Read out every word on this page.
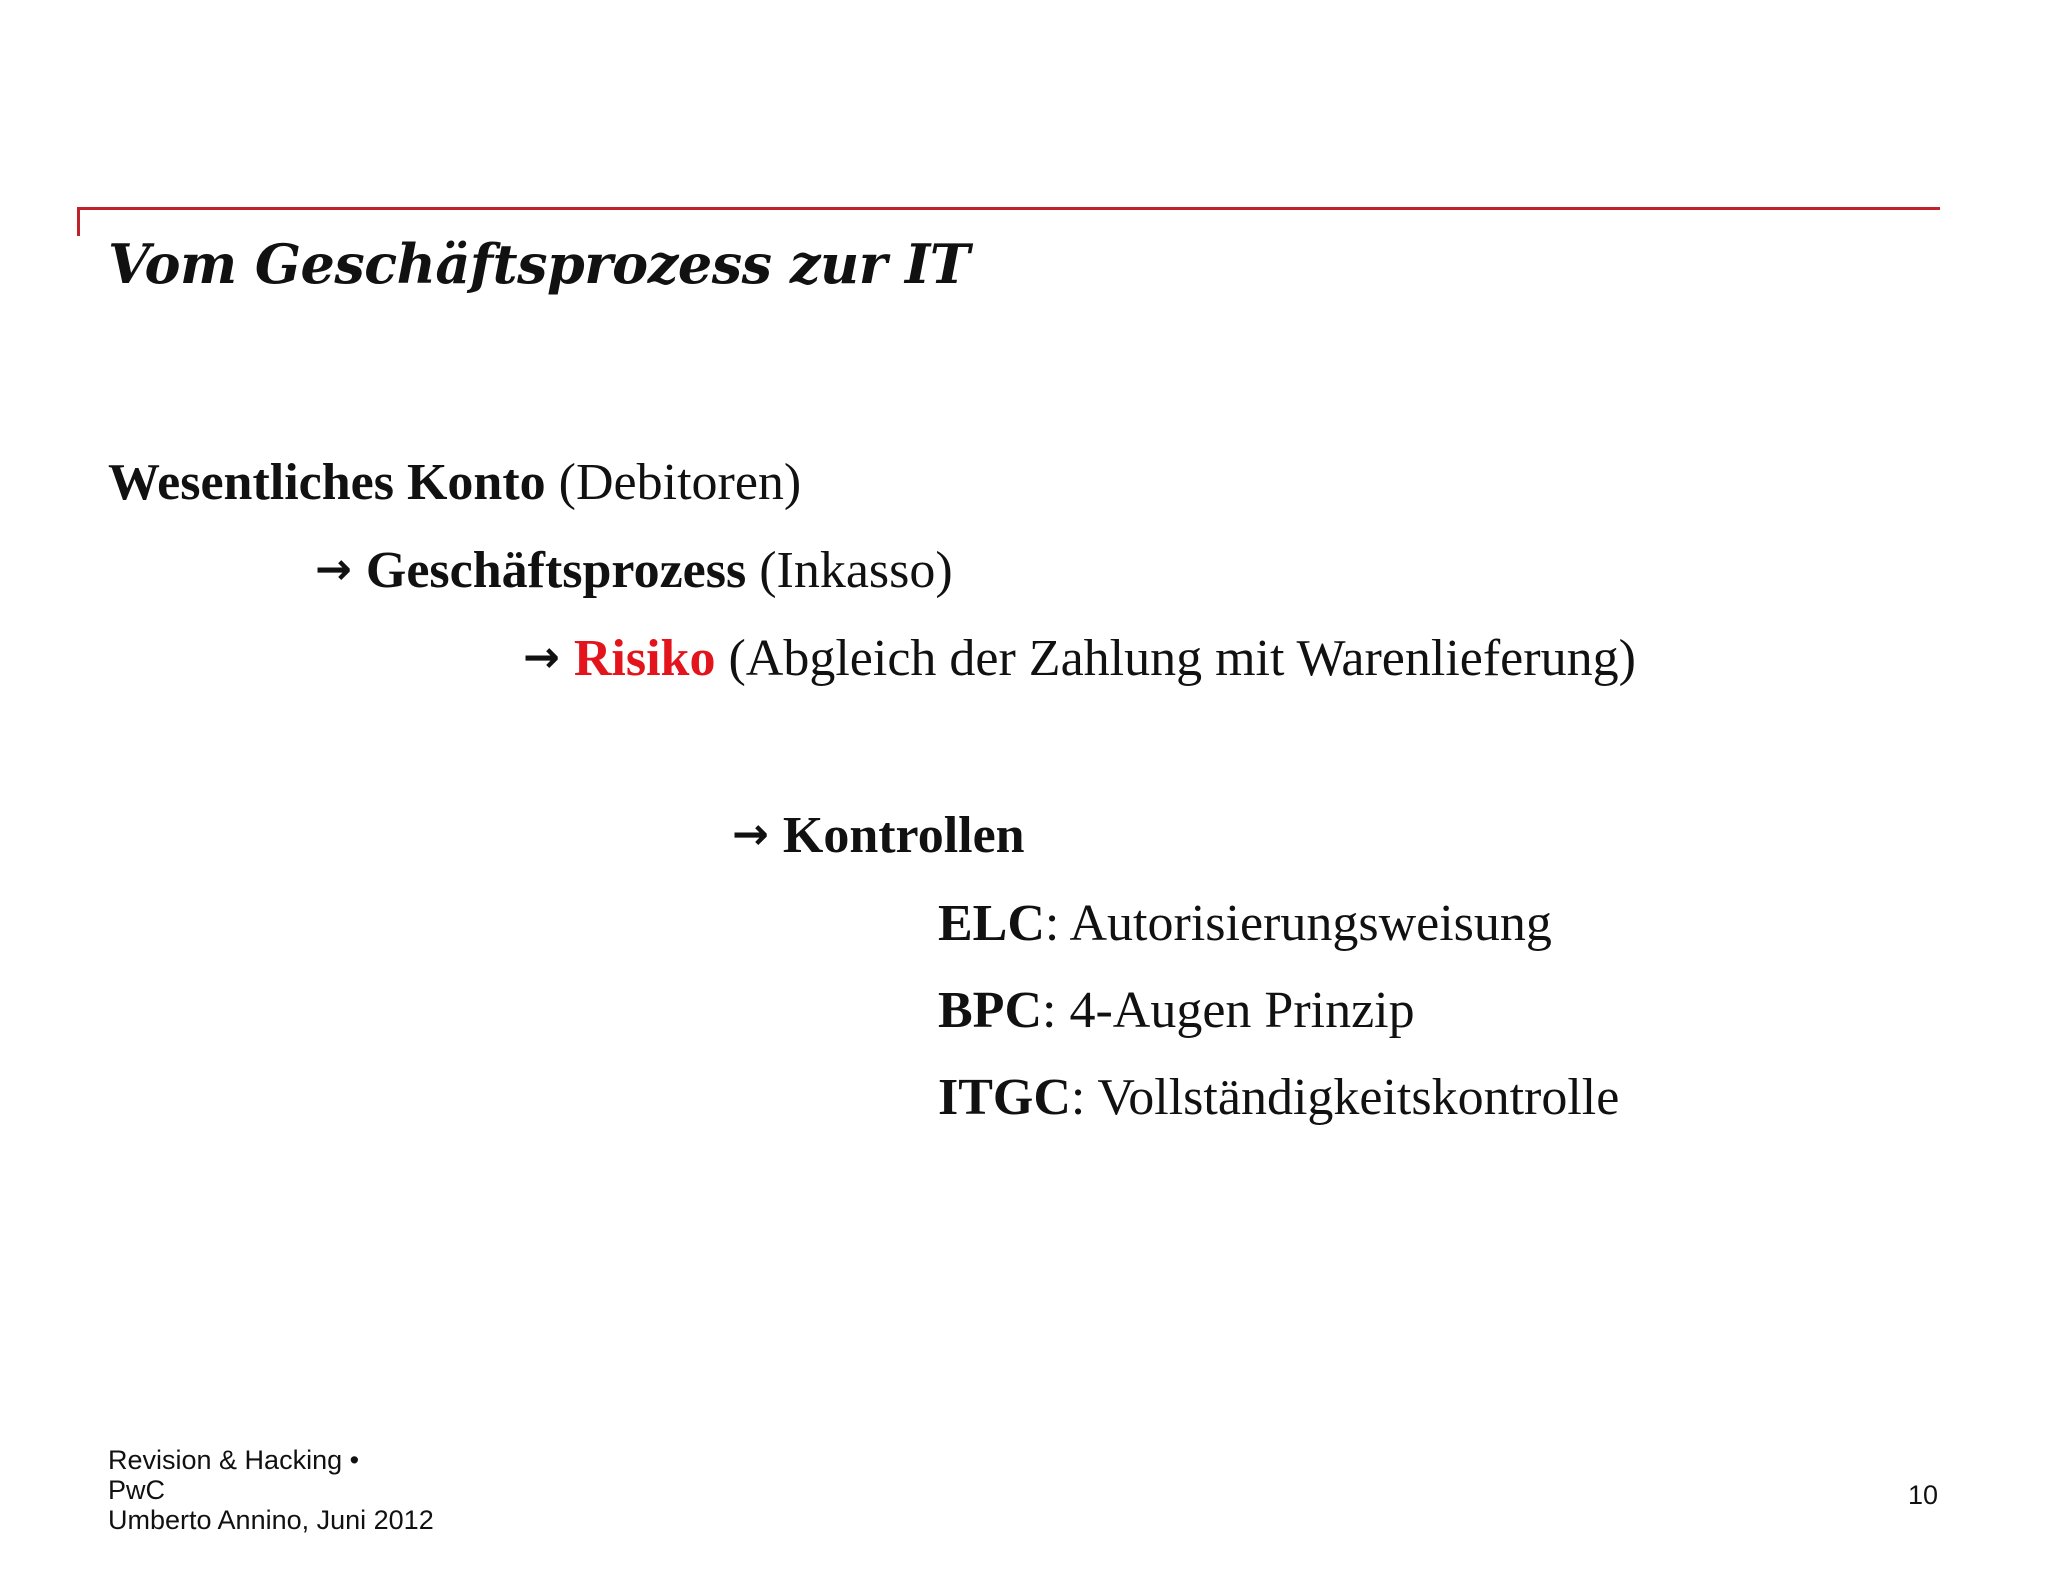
Vom Geschäftsprozess zur IT
Wesentliches Konto (Debitoren)
→ Geschäftsprozess (Inkasso)
→ Risiko (Abgleich der Zahlung mit Warenlieferung)
→ Kontrollen
ELC: Autorisierungsweisung
BPC: 4-Augen Prinzip
ITGC: Vollständigkeitskontrolle
Revision & Hacking •
PwC
Umberto Annino, Juni 2012
10
